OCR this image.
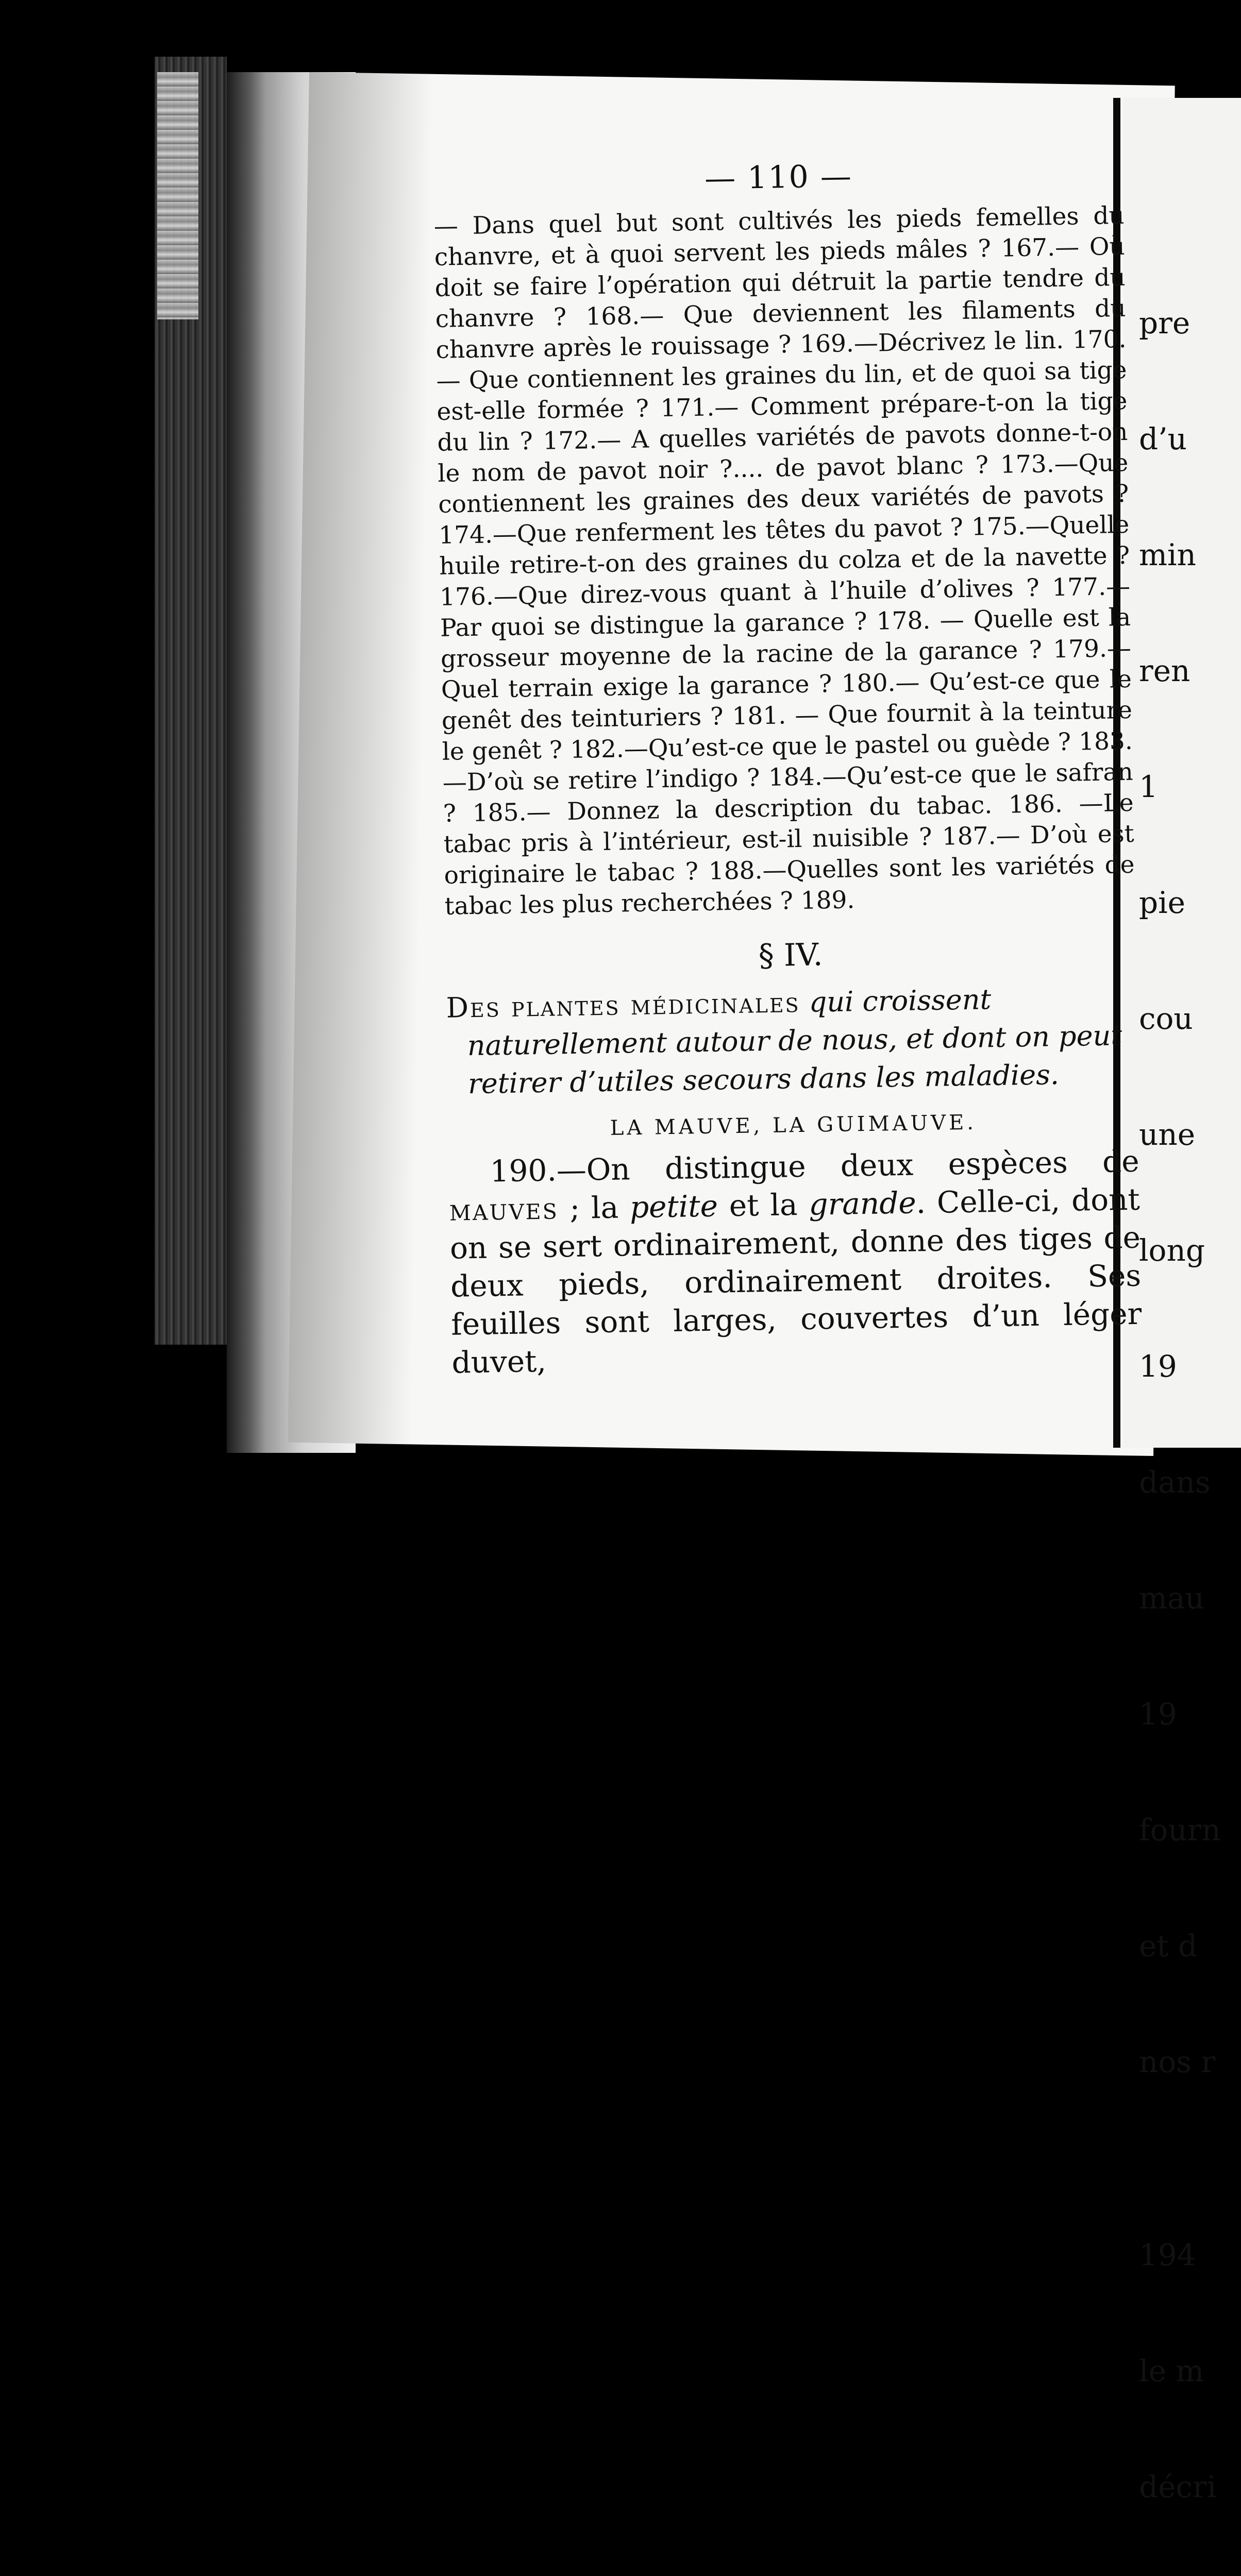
— 110 —

— Dans quel but sont cultivés les pieds femelles du chanvre, et à quoi servent les pieds mâles ? 167.— Où doit se faire l’opération qui détruit la partie tendre du chanvre ? 168.— Que deviennent les filaments du chanvre après le rouissage ? 169.—Décrivez le lin. 170.— Que contiennent les graines du lin, et de quoi sa tige est-elle formée ? 171.— Comment prépare-t-on la tige du lin ? 172.— A quelles variétés de pavots donne-t-on le nom de pavot noir ?.... de pavot blanc ? 173.—Que contiennent les graines des deux variétés de pavots ? 174.—Que renferment les têtes du pavot ? 175.—Quelle huile retire-t-on des graines du colza et de la navette ? 176.—Que direz-vous quant à l’huile d’olives ? 177.— Par quoi se distingue la garance ? 178. — Quelle est la grosseur moyenne de la racine de la garance ? 179.— Quel terrain exige la garance ? 180.— Qu’est-ce que le genêt des teinturiers ? 181. — Que fournit à la teinture le genêt ? 182.—Qu’est-ce que le pastel ou guède ? 183. —D’où se retire l’indigo ? 184.—Qu’est-ce que le safran ? 185.— Donnez la description du tabac. 186. —Le tabac pris à l’intérieur, est-il nuisible ? 187.— D’où est originaire le tabac ? 188.—Quelles sont les variétés de tabac les plus recherchées ? 189.

§ IV.

Des plantes médicinales qui croissent naturellement autour de nous, et dont on peut retirer d’utiles secours dans les maladies.

LA MAUVE, LA GUIMAUVE.

190.—On distingue deux espèces de mauves ; la petite et la grande. Celle-ci, dont on se sert ordinairement, donne des tiges de deux pieds, ordinairement droites. Ses feuilles sont larges, couvertes d’un léger duvet,

pre

d’u

min

ren

1

pie

cou

une

long

19

dans

mau

19

fourn

et d

nos r

194

le m

décri
